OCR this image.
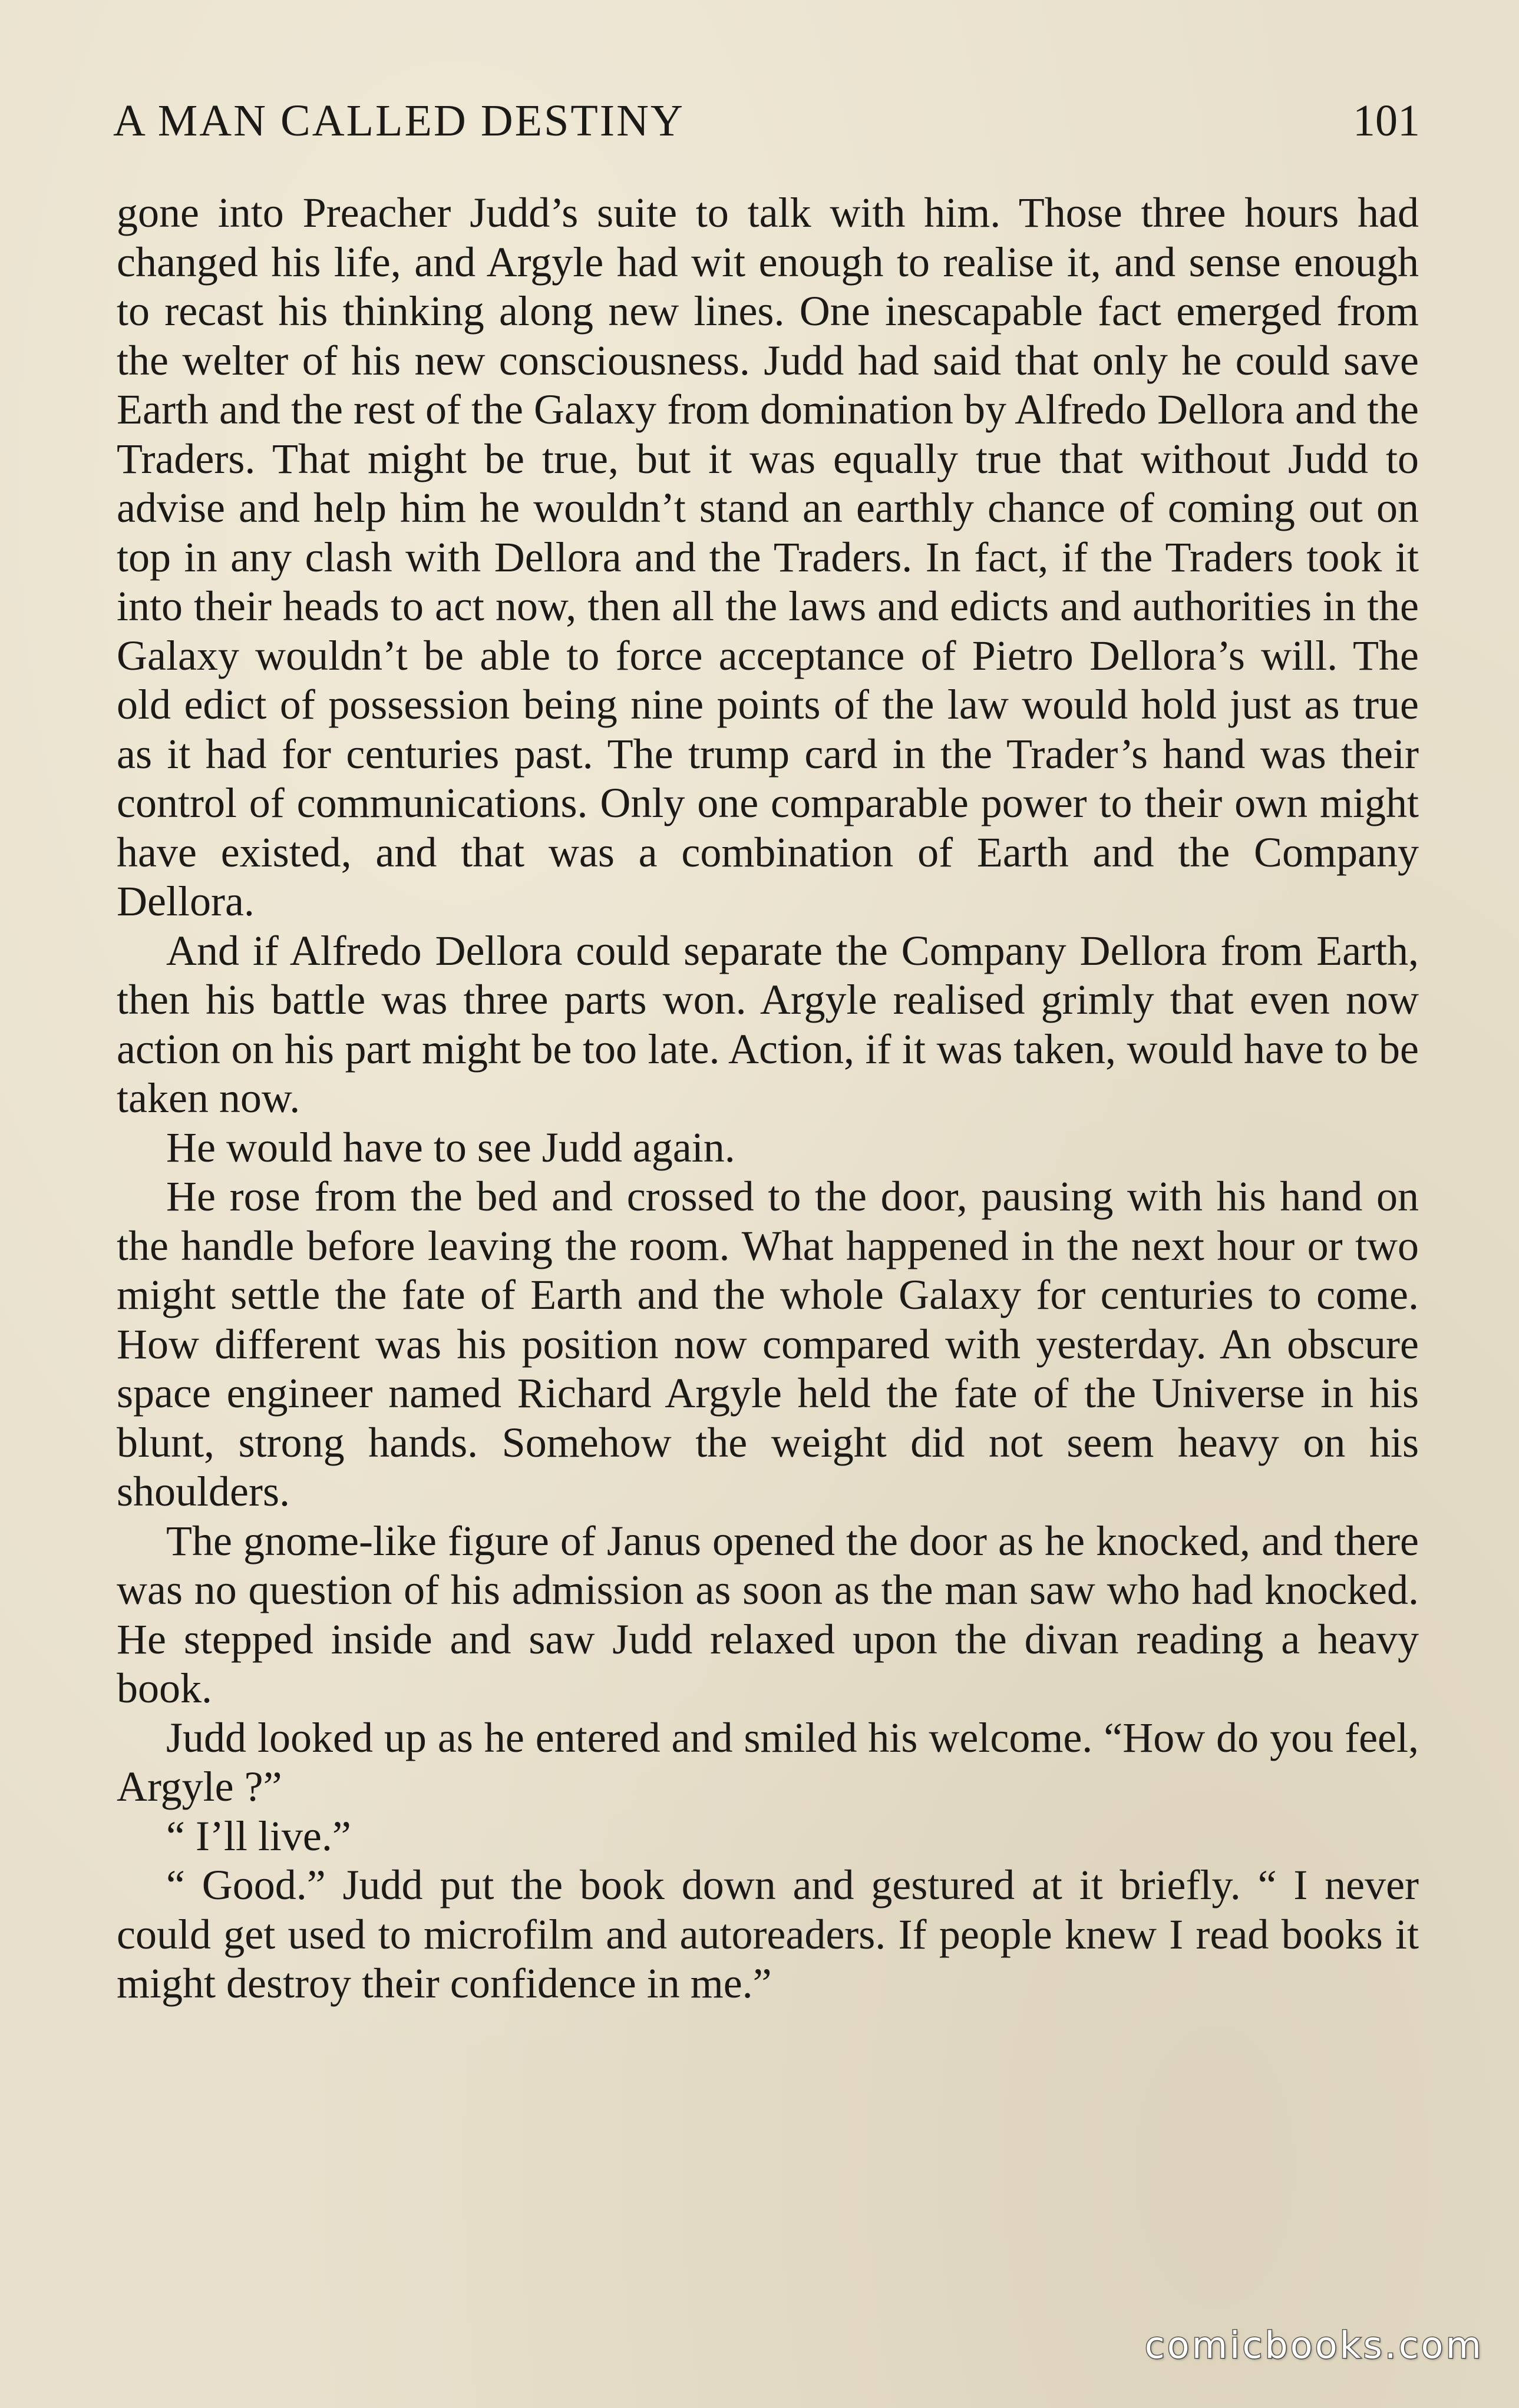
A MAN CALLED DESTINY	101

gone into Preacher Judd’s suite to talk with him. Those three hours had changed his life, and Argyle had wit enough to realise it, and sense enough to recast his thinking along new lines. One inescapable fact emerged from the welter of his new consciousness. Judd had said that only he could save Earth and the rest of the Galaxy from domination by Alfredo Dellora and the Traders. That might be true, but it was equally true that without Judd to advise and help him he wouldn’t stand an earthly chance of coming out on top in any clash with Dellora and the Traders. In fact, if the Traders took it into their heads to act now, then all the laws and edicts and authorities in the Galaxy wouldn’t be able to force acceptance of Pietro Dellora’s will. The old edict of possession being nine points of the law would hold just as true as it had for centuries past. The trump card in the Trader’s hand was their control of communications. Only one comparable power to their own might have existed, and that was a combination of Earth and the Company Dellora.

And if Alfredo Dellora could separate the Company Dellora from Earth, then his battle was three parts won. Argyle realised grimly that even now action on his part might be too late. Action, if it was taken, would have to be taken now.

He would have to see Judd again.

He rose from the bed and crossed to the door, pausing with his hand on the handle before leaving the room. What happened in the next hour or two might settle the fate of Earth and the whole Galaxy for centuries to come. How different was his position now compared with yesterday. An obscure space engineer named Richard Argyle held the fate of the Universe in his blunt, strong hands. Somehow the weight did not seem heavy on his shoulders.

The gnome-like figure of Janus opened the door as he knocked, and there was no question of his admission as soon as the man saw who had knocked. He stepped inside and saw Judd relaxed upon the divan reading a heavy book.

Judd looked up as he entered and smiled his welcome. “How do you feel, Argyle ?”

“ I’ll live.”

“ Good.” Judd put the book down and gestured at it briefly. “ I never could get used to microfilm and autoreaders. If people knew I read books it might destroy their confidence in me.”

comicbooks.com
